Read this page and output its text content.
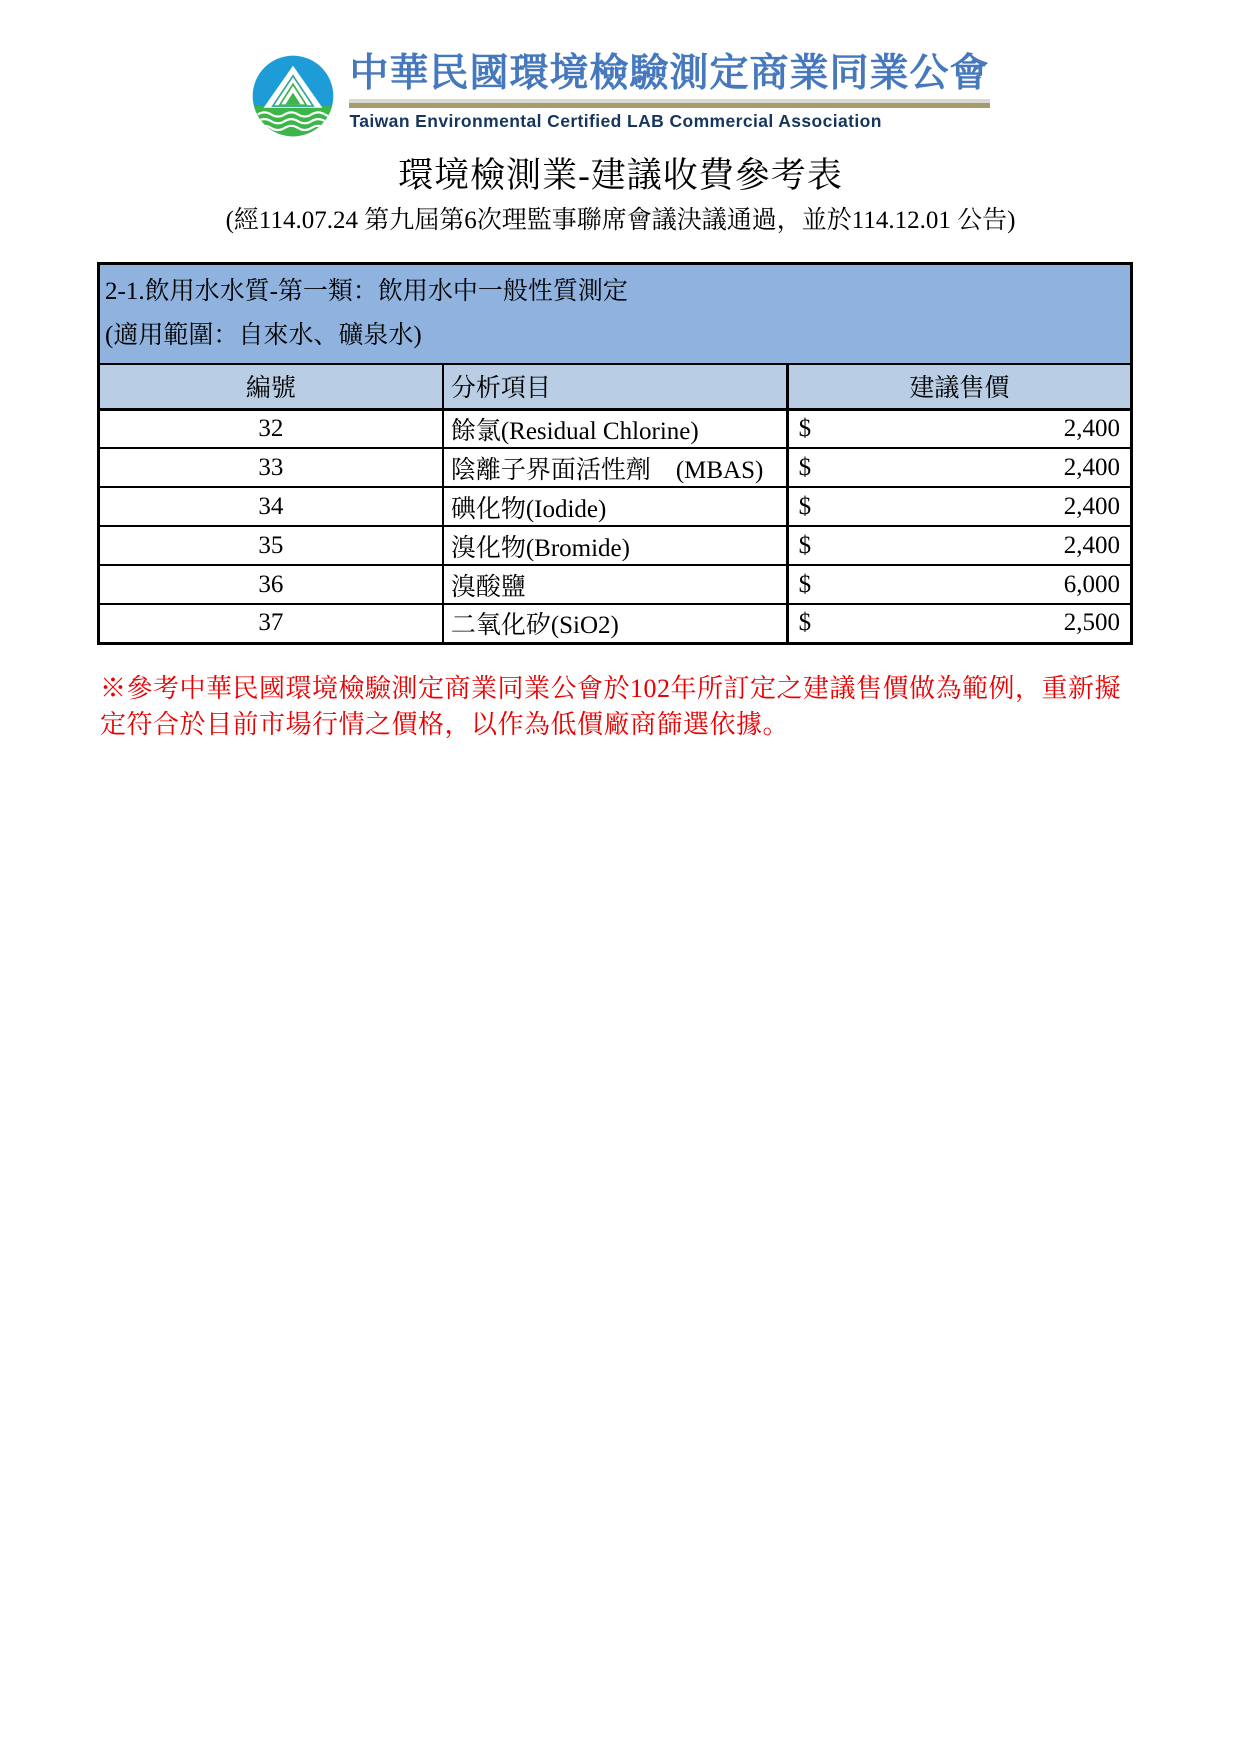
中華民國環境檢驗測定商業同業公會
Taiwan Environmental Certified LAB Commercial Association
環境檢測業-建議收費參考表
(經114.07.24 第九屆第6次理監事聯席會議決議通過，並於114.12.01 公告)
2-1.飲用水水質-第一類：飲用水中一般性質測定
(適用範圍：自來水、礦泉水)		

編號	分析項目	建議售價
32	餘氯(Residual Chlorine)	$ 2,400

33	陰離子界面活性劑　(MBAS)	$ 2,400

34	碘化物(Iodide)	$ 2,400

35	溴化物(Bromide)	$ 2,400

36	溴酸鹽	$ 6,000

37	二氧化矽(SiO2)	$ 2,500
※參考中華民國環境檢驗測定商業同業公會於102年所訂定之建議售價做為範例，重新擬定符合於目前市場行情之價格，以作為低價廠商篩選依據。
